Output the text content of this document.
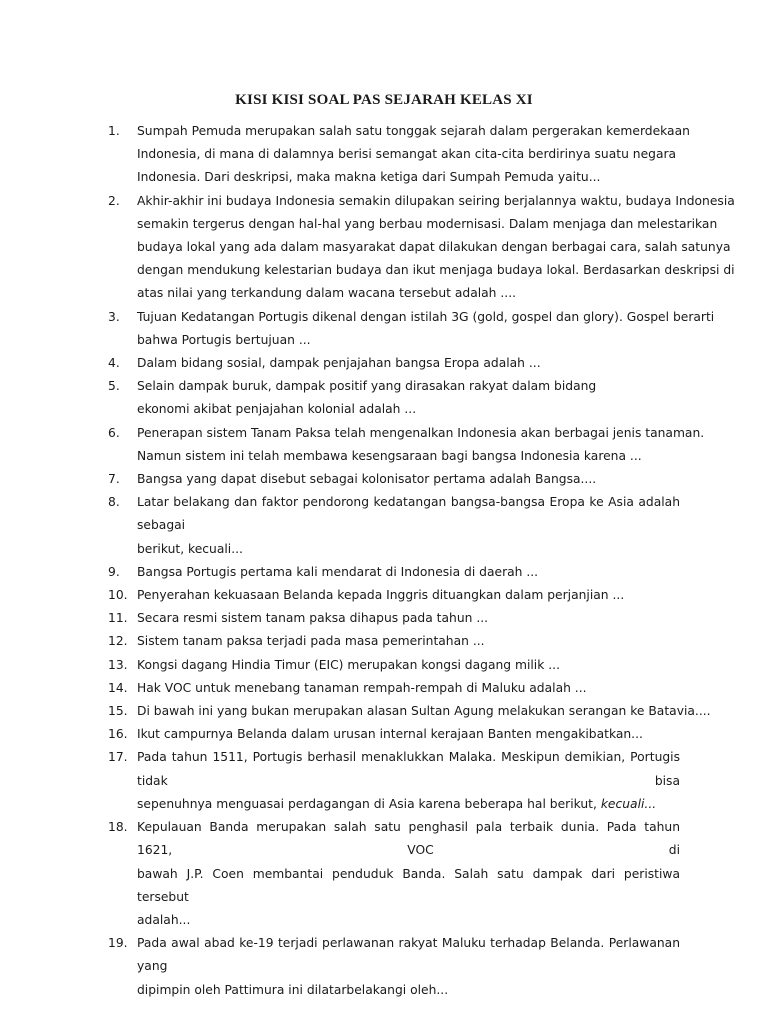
KISI KISI SOAL PAS SEJARAH KELAS XI
1.	Sumpah Pemuda merupakan salah satu tonggak sejarah dalam pergerakan kemerdekaan
Indonesia, di mana di dalamnya berisi semangat akan cita-cita berdirinya suatu negara
Indonesia. Dari deskripsi, maka makna ketiga dari Sumpah Pemuda yaitu...
2.	Akhir-akhir ini budaya Indonesia semakin dilupakan seiring berjalannya waktu, budaya Indonesia
semakin tergerus dengan hal-hal yang berbau modernisasi. Dalam menjaga dan melestarikan
budaya lokal yang ada dalam masyarakat dapat dilakukan dengan berbagai cara, salah satunya
dengan mendukung kelestarian budaya dan ikut menjaga budaya lokal. Berdasarkan deskripsi di
atas nilai yang terkandung dalam wacana tersebut adalah ....
3.	Tujuan Kedatangan Portugis dikenal dengan istilah 3G (gold, gospel dan glory). Gospel berarti
bahwa Portugis bertujuan ...
4.	Dalam bidang sosial, dampak penjajahan bangsa Eropa adalah ...
5.	Selain dampak buruk, dampak positif yang dirasakan rakyat dalam bidang
ekonomi akibat penjajahan kolonial adalah ...
6.	Penerapan sistem Tanam Paksa telah mengenalkan Indonesia akan berbagai jenis tanaman.
Namun sistem ini telah membawa kesengsaraan bagi bangsa Indonesia karena ...
7.	Bangsa yang dapat disebut sebagai kolonisator pertama adalah Bangsa....
8.	Latar belakang dan faktor pendorong kedatangan bangsa-bangsa Eropa ke Asia adalah sebagai
berikut, kecuali...
9.	Bangsa Portugis pertama kali mendarat di Indonesia di daerah ...
10. Penyerahan kekuasaan Belanda kepada Inggris dituangkan dalam perjanjian ...
11. Secara resmi sistem tanam paksa dihapus pada tahun ...
12. Sistem tanam paksa terjadi pada masa pemerintahan ...
13. Kongsi dagang Hindia Timur (EIC) merupakan kongsi dagang milik ...
14. Hak VOC untuk menebang tanaman rempah-rempah di Maluku adalah ...
15. Di bawah ini yang bukan merupakan alasan Sultan Agung melakukan serangan ke Batavia....
16. Ikut campurnya Belanda dalam urusan internal kerajaan Banten mengakibatkan...
17. Pada tahun 1511, Portugis berhasil menaklukkan Malaka. Meskipun demikian, Portugis tidak bisa
sepenuhnya menguasai perdagangan di Asia karena beberapa hal berikut, kecuali...
18. Kepulauan Banda merupakan salah satu penghasil pala terbaik dunia. Pada tahun 1621, VOC di
bawah J.P. Coen membantai penduduk Banda. Salah satu dampak dari peristiwa tersebut
adalah...
19. Pada awal abad ke-19 terjadi perlawanan rakyat Maluku terhadap Belanda. Perlawanan yang
dipimpin oleh Pattimura ini dilatarbelakangi oleh...
